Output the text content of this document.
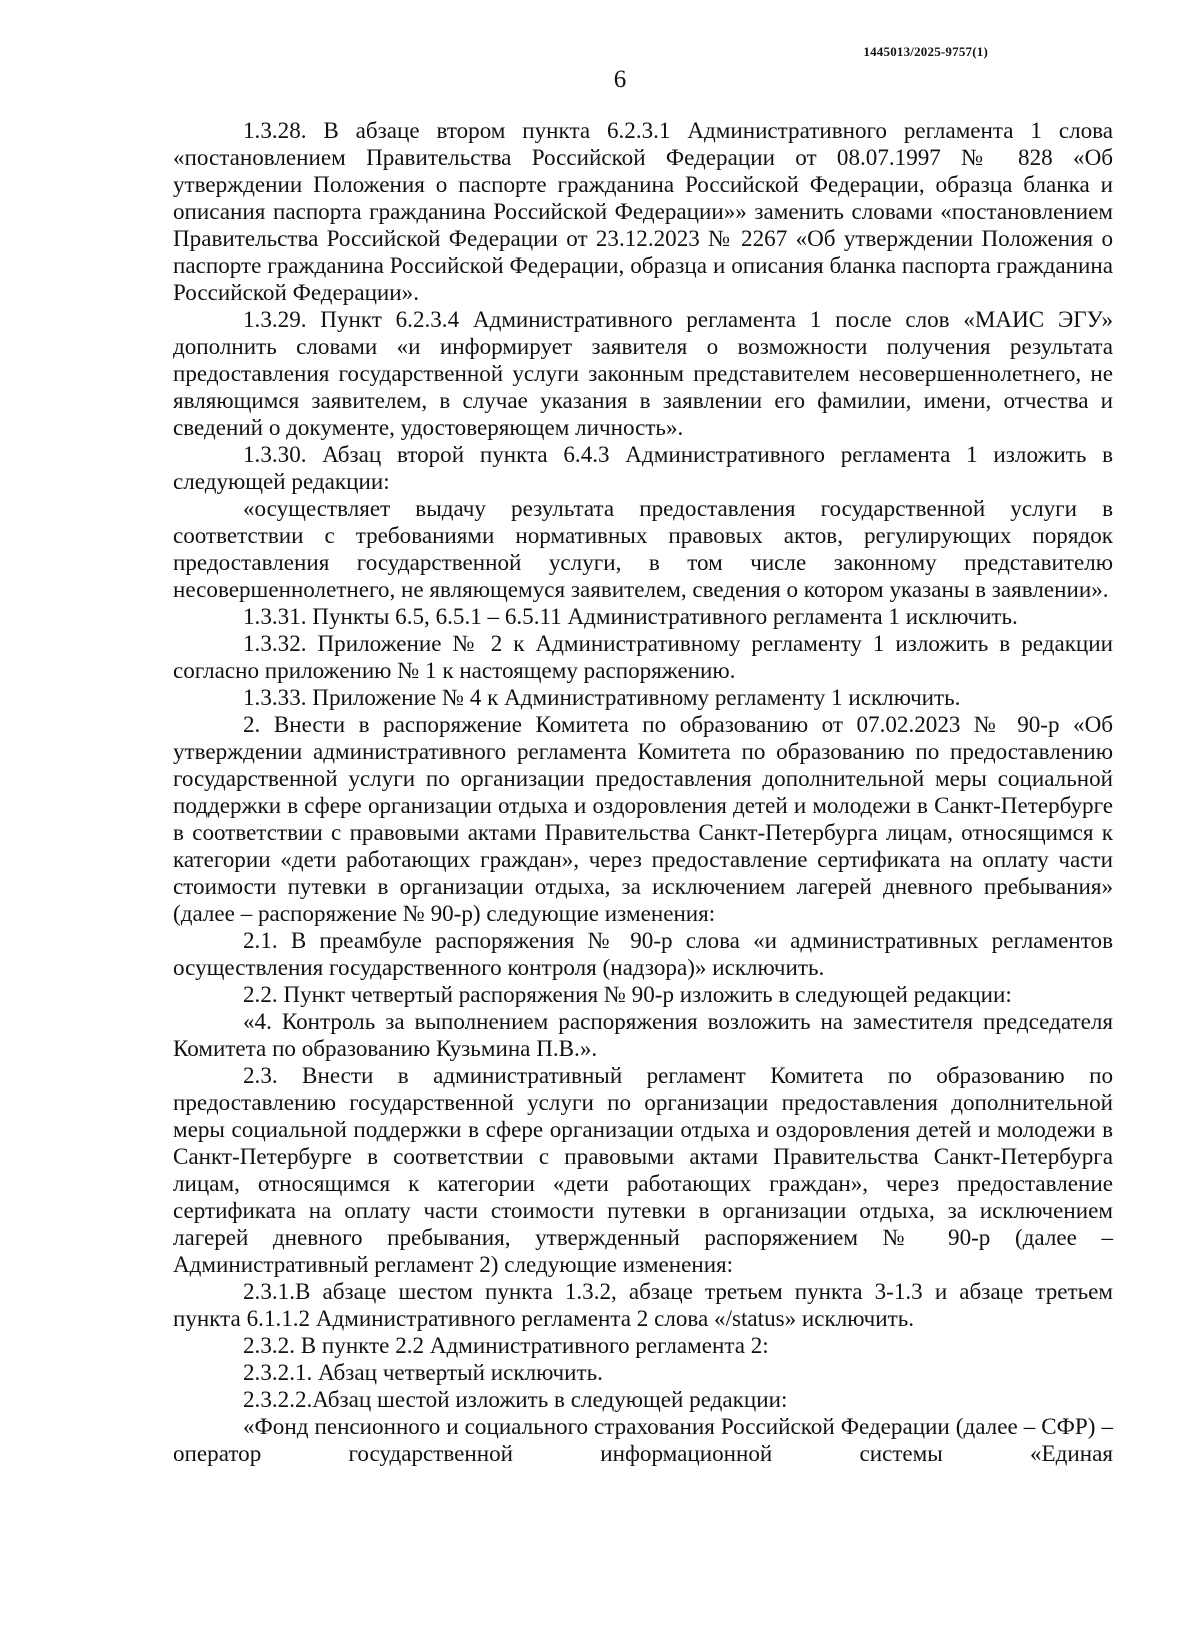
1445013/2025-9757(1)
6

1.3.28. В абзаце втором пункта 6.2.3.1 Административного регламента 1 слова «постановлением Правительства Российской Федерации от 08.07.1997 № 828 «Об утверждении Положения о паспорте гражданина Российской Федерации, образца бланка и описания паспорта гражданина Российской Федерации»» заменить словами «постановлением Правительства Российской Федерации от 23.12.2023 № 2267 «Об утверждении Положения о паспорте гражданина Российской Федерации, образца и описания бланка паспорта гражданина Российской Федерации».

1.3.29. Пункт 6.2.3.4 Административного регламента 1 после слов «МАИС ЭГУ» дополнить словами «и информирует заявителя о возможности получения результата предоставления государственной услуги законным представителем несовершеннолетнего, не являющимся заявителем, в случае указания в заявлении его фамилии, имени, отчества и сведений о документе, удостоверяющем личность».

1.3.30. Абзац второй пункта 6.4.3 Административного регламента 1 изложить в следующей редакции:

«осуществляет выдачу результата предоставления государственной услуги в соответствии с требованиями нормативных правовых актов, регулирующих порядок предоставления государственной услуги, в том числе законному представителю несовершеннолетнего, не являющемуся заявителем, сведения о котором указаны в заявлении».

1.3.31. Пункты 6.5, 6.5.1 – 6.5.11 Административного регламента 1 исключить.

1.3.32. Приложение № 2 к Административному регламенту 1 изложить в редакции согласно приложению № 1 к настоящему распоряжению.

1.3.33. Приложение № 4 к Административному регламенту 1 исключить.

2. Внести в распоряжение Комитета по образованию от 07.02.2023 № 90-р «Об утверждении административного регламента Комитета по образованию по предоставлению государственной услуги по организации предоставления дополнительной меры социальной поддержки в сфере организации отдыха и оздоровления детей и молодежи в Санкт-Петербурге в соответствии с правовыми актами Правительства Санкт-Петербурга лицам, относящимся к категории «дети работающих граждан», через предоставление сертификата на оплату части стоимости путевки в организации отдыха, за исключением лагерей дневного пребывания» (далее – распоряжение № 90-р) следующие изменения:

2.1. В преамбуле распоряжения № 90-р слова «и административных регламентов осуществления государственного контроля (надзора)» исключить.

2.2. Пункт четвертый распоряжения № 90-р изложить в следующей редакции:

«4. Контроль за выполнением распоряжения возложить на заместителя председателя Комитета по образованию Кузьмина П.В.».

2.3. Внести в административный регламент Комитета по образованию по предоставлению государственной услуги по организации предоставления дополнительной меры социальной поддержки в сфере организации отдыха и оздоровления детей и молодежи в Санкт-Петербурге в соответствии с правовыми актами Правительства Санкт-Петербурга лицам, относящимся к категории «дети работающих граждан», через предоставление сертификата на оплату части стоимости путевки в организации отдыха, за исключением лагерей дневного пребывания, утвержденный распоряжением № 90-р (далее – Административный регламент 2) следующие изменения:

2.3.1.В абзаце шестом пункта 1.3.2, абзаце третьем пункта 3-1.3 и абзаце третьем пункта 6.1.1.2 Административного регламента 2 слова «/status» исключить.

2.3.2. В пункте 2.2 Административного регламента 2:

2.3.2.1. Абзац четвертый исключить.

2.3.2.2.Абзац шестой изложить в следующей редакции:

«Фонд пенсионного и социального страхования Российской Федерации (далее – СФР) – оператор государственной информационной системы «Единая
